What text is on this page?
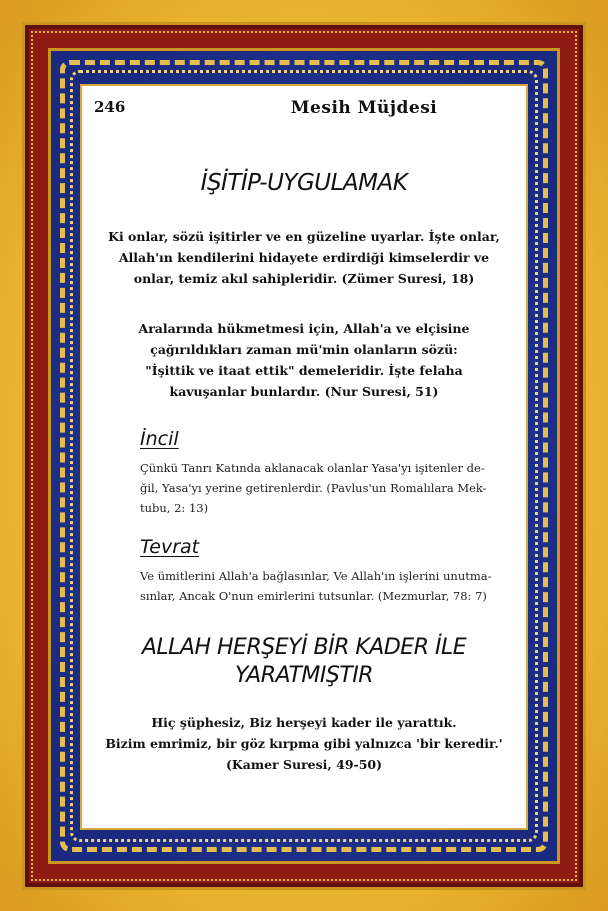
246	Mesih Müjdesi
İŞİTİP-UYGULAMAK

Ki onlar, sözü işitirler ve en güzeline uyarlar. İşte onlar,

Allah'ın kendilerini hidayete erdirdiği kimselerdir ve

onlar, temiz akıl sahipleridir. (Zümer Suresi, 18)

Aralarında hükmetmesi için, Allah'a ve elçisine

çağırıldıkları zaman mü'min olanların sözü:

"İşittik ve itaat ettik" demeleridir. İşte felaha

kavuşanlar bunlardır. (Nur Suresi, 51)

İncil

Çünkü Tanrı Katında aklanacak olanlar Yasa'yı işitenler de-

ğil, Yasa'yı yerine getirenlerdir. (Pavlus'un Romalılara Mek-

tubu, 2: 13)

Tevrat

Ve ümitlerini Allah'a bağlasınlar, Ve Allah'ın işlerini unutma-

sınlar, Ancak O'nun emirlerini tutsunlar. (Mezmurlar, 78: 7)

ALLAH HERŞEYİ BİR KADER İLE
YARATMIŞTIR

Hiç şüphesiz, Biz herşeyi kader ile yarattık.

Bizim emrimiz, bir göz kırpma gibi yalnızca 'bir keredir.'

(Kamer Suresi, 49-50)
